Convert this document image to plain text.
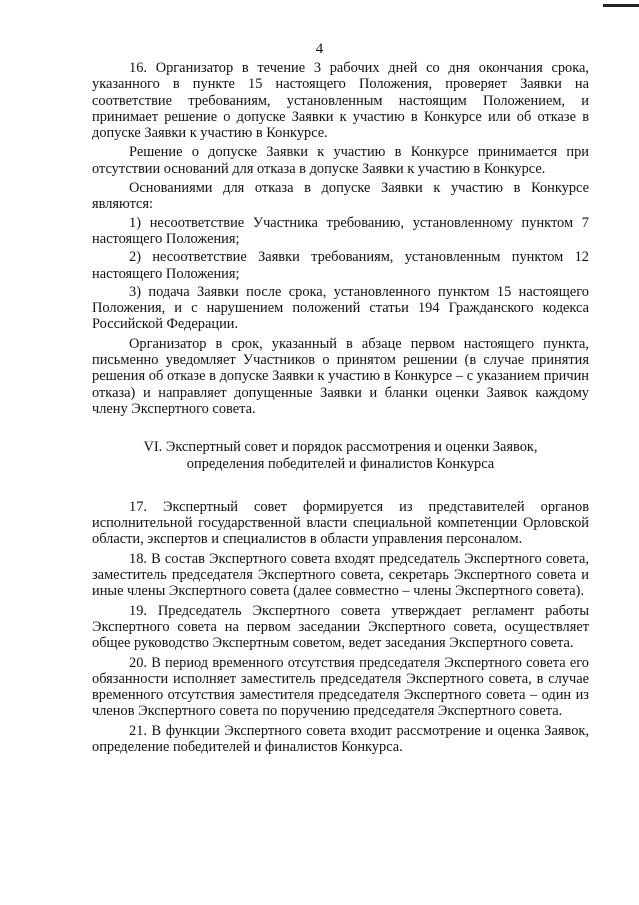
4

16. Организатор в течение 3 рабочих дней со дня окончания срока, указанного в пункте 15 настоящего Положения, проверяет Заявки на соответствие требованиям, установленным настоящим Положением, и принимает решение о допуске Заявки к участию в Конкурсе или об отказе в допуске Заявки к участию в Конкурсе.

Решение о допуске Заявки к участию в Конкурсе принимается при отсутствии оснований для отказа в допуске Заявки к участию в Конкурсе.

Основаниями для отказа в допуске Заявки к участию в Конкурсе являются:

1) несоответствие Участника требованию, установленному пунктом 7 настоящего Положения;

2) несоответствие Заявки требованиям, установленным пунктом 12 настоящего Положения;

3) подача Заявки после срока, установленного пунктом 15 настоящего Положения, и с нарушением положений статьи 194 Гражданского кодекса Российской Федерации.

Организатор в срок, указанный в абзаце первом настоящего пункта, письменно уведомляет Участников о принятом решении (в случае принятия решения об отказе в допуске Заявки к участию в Конкурсе – с указанием причин отказа) и направляет допущенные Заявки и бланки оценки Заявок каждому члену Экспертного совета.

VI. Экспертный совет и порядок рассмотрения и оценки Заявок,
определения победителей и финалистов Конкурса

17. Экспертный совет формируется из представителей органов исполнительной государственной власти специальной компетенции Орловской области, экспертов и специалистов в области управления персоналом.

18. В состав Экспертного совета входят председатель Экспертного совета, заместитель председателя Экспертного совета, секретарь Экспертного совета и иные члены Экспертного совета (далее совместно – члены Экспертного совета).

19. Председатель Экспертного совета утверждает регламент работы Экспертного совета на первом заседании Экспертного совета, осуществляет общее руководство Экспертным советом, ведет заседания Экспертного совета.

20. В период временного отсутствия председателя Экспертного совета его обязанности исполняет заместитель председателя Экспертного совета, в случае временного отсутствия заместителя председателя Экспертного совета – один из членов Экспертного совета по поручению председателя Экспертного совета.

21. В функции Экспертного совета входит рассмотрение и оценка Заявок, определение победителей и финалистов Конкурса.
